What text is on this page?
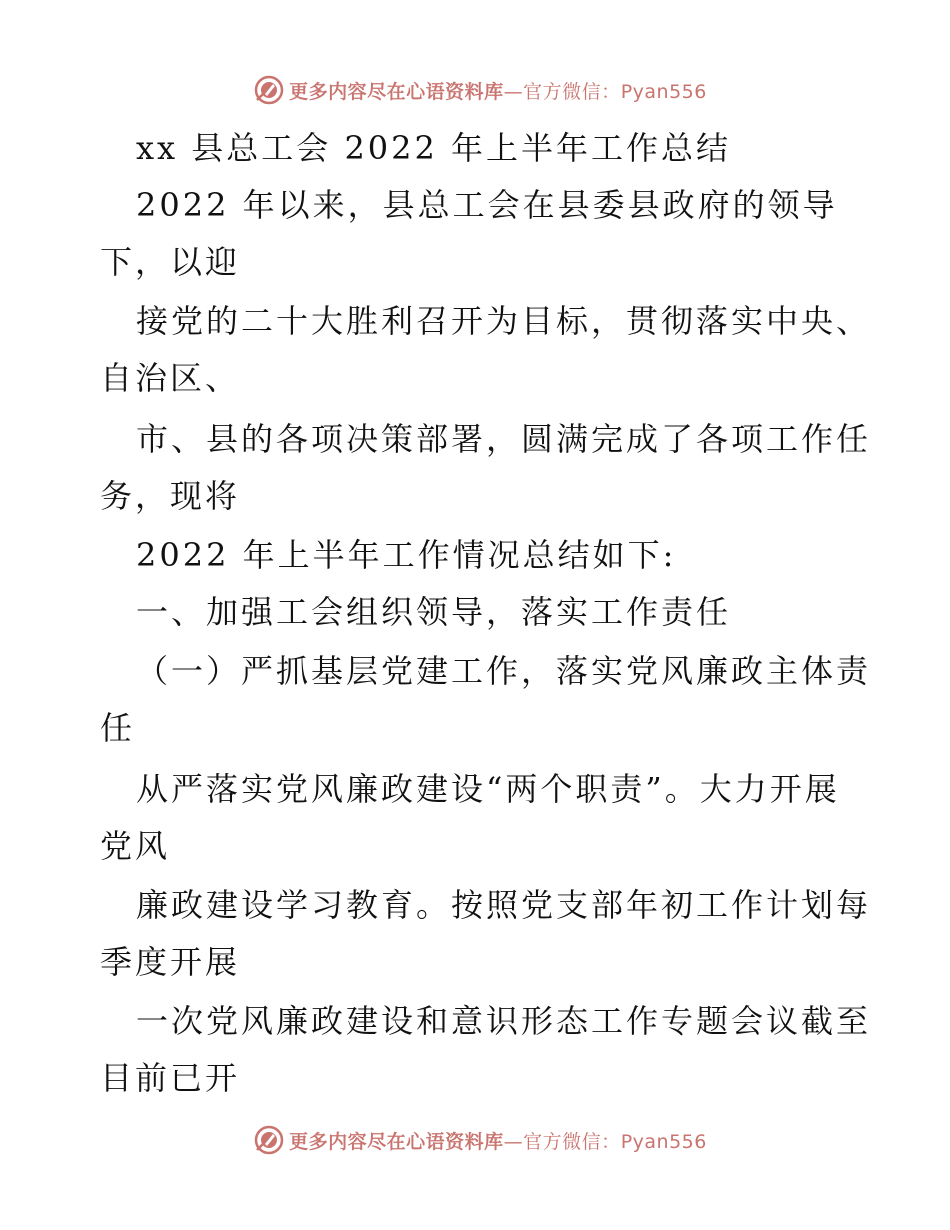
更多内容尽在心语资料库—官方微信：Pyan556
xx 县总工会 2022 年上半年工作总结
2022 年以来，县总工会在县委县政府的领导
下，以迎
接党的二十大胜利召开为目标，贯彻落实中央、
自治区、
市、县的各项决策部署，圆满完成了各项工作任
务，现将
2022 年上半年工作情况总结如下:
一、加强工会组织领导，落实工作责任
（一）严抓基层党建工作，落实党风廉政主体责
任
从严落实党风廉政建设“两个职责”。大力开展
党风
廉政建设学习教育。按照党支部年初工作计划每
季度开展
一次党风廉政建设和意识形态工作专题会议截至
目前已开
更多内容尽在心语资料库—官方微信：Pyan556
